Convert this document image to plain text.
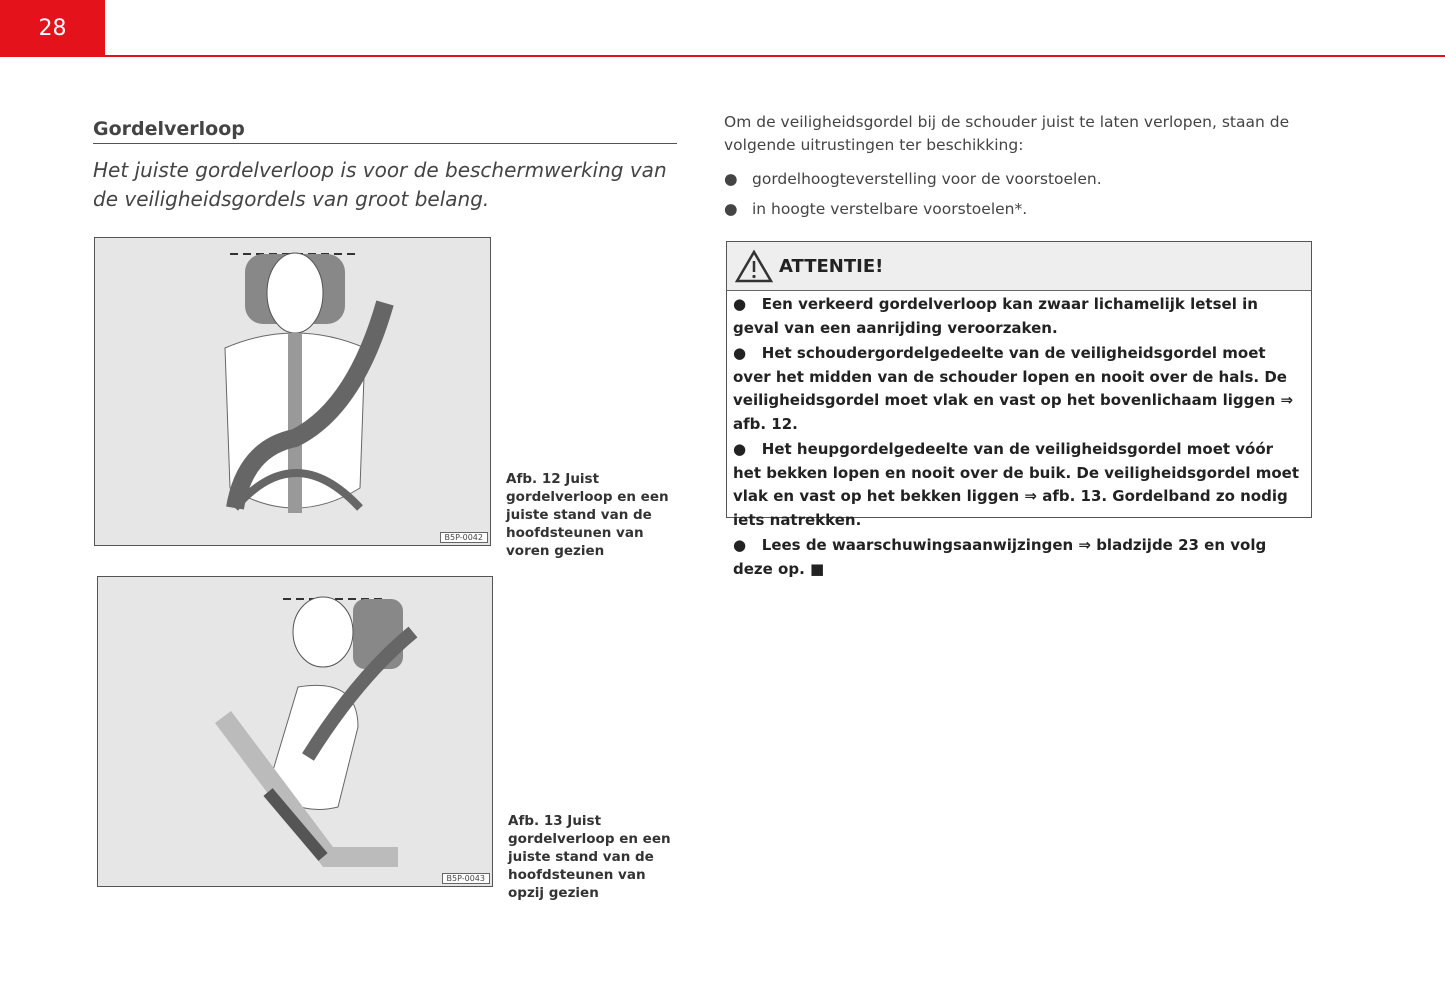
28
Gordelverloop
Het juiste gordelverloop is voor de beschermwerking van de veiligheidsgordels van groot belang.
B5P-0042
Afb. 12 Juist gordelverloop en een juiste stand van de hoofdsteunen van voren gezien
B5P-0043
Afb. 13 Juist gordelverloop en een juiste stand van de hoofdsteunen van opzij gezien
Om de veiligheidsgordel bij de schouder juist te laten verlopen, staan de volgende uitrustingen ter beschikking:
● gordelhoogteverstelling voor de voorstoelen.
● in hoogte verstelbare voorstoelen*.
ATTENTIE!

●   Een verkeerd gordelverloop kan zwaar lichamelijk letsel in geval van een aanrijding veroorzaken.

●   Het schoudergordelgedeelte van de veiligheidsgordel moet over het midden van de schouder lopen en nooit over de hals. De veiligheidsgordel moet vlak en vast op het bovenlichaam liggen ⇒ afb. 12.

●   Het heupgordelgedeelte van de veiligheidsgordel moet vóór het bekken lopen en nooit over de buik. De veiligheidsgordel moet vlak en vast op het bekken liggen ⇒ afb. 13. Gordelband zo nodig iets natrekken.

●   Lees de waarschuwingsaanwijzingen ⇒ bladzijde 23 en volg deze op. ■
